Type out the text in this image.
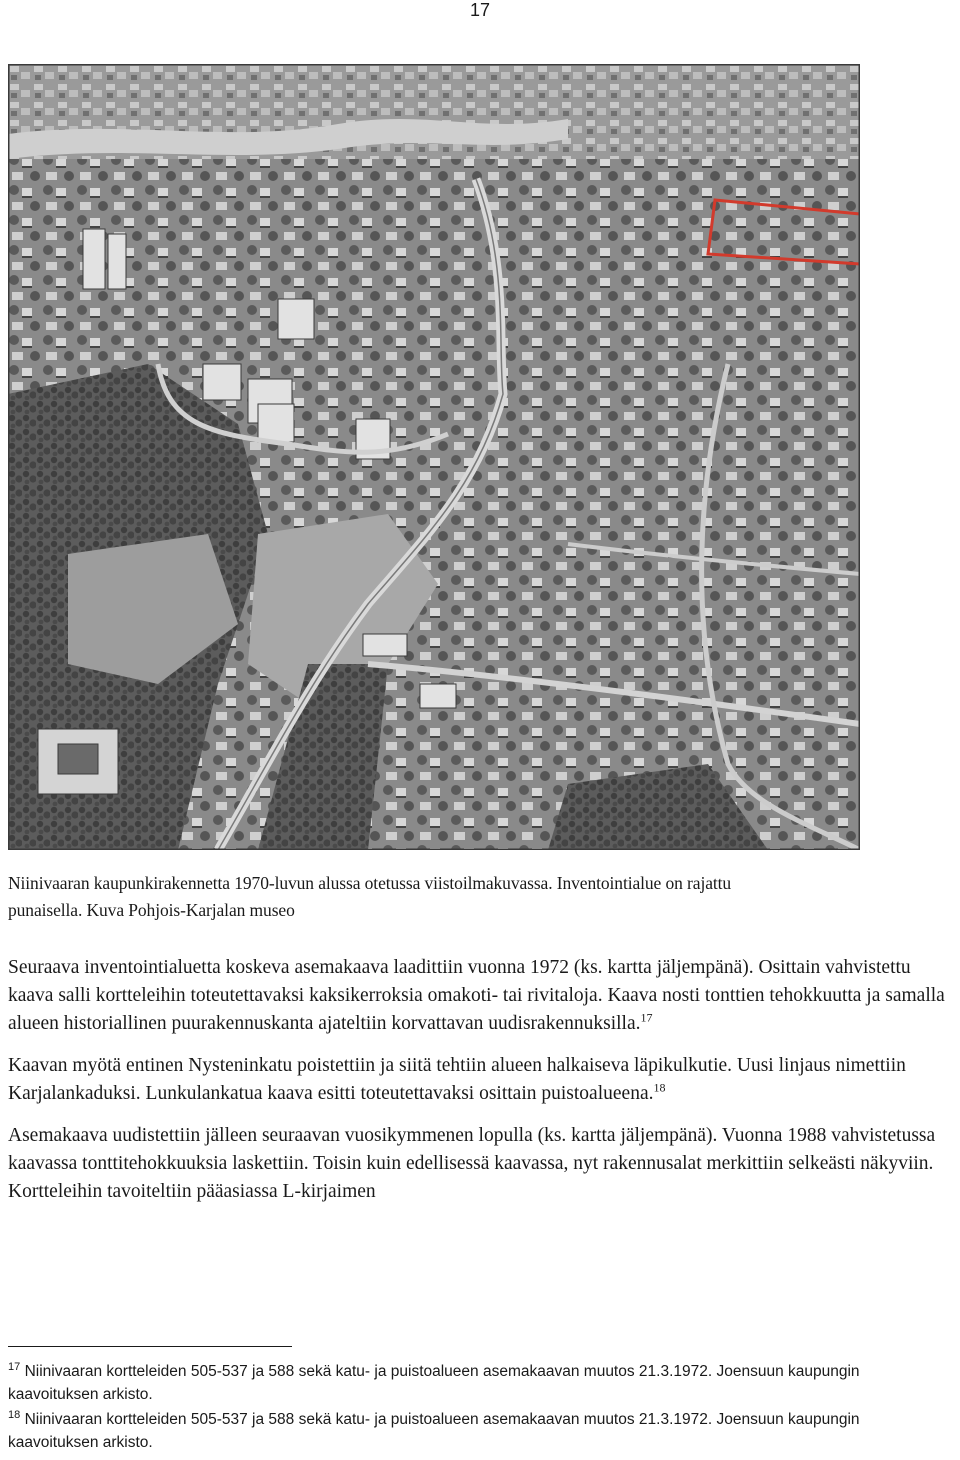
17
Niinivaaran kaupunkirakennetta 1970-luvun alussa otetussa viistoilmakuvassa. Inventointialue on rajattu
punaisella. Kuva Pohjois-Karjalan museo

Seuraava inventointialuetta koskeva asemakaava laadittiin vuonna 1972 (ks. kartta jäljempänä). Osittain vahvistettu kaava salli kortteleihin toteutettavaksi kaksikerroksia omakoti- tai rivitaloja. Kaava nosti tonttien tehokkuutta ja samalla alueen historiallinen puurakennuskanta ajateltiin korvattavan uudisrakennuksilla.$^{17}$

Kaavan myötä entinen Nysteninkatu poistettiin ja siitä tehtiin alueen halkaiseva läpikulkutie. Uusi linjaus nimettiin Karjalankaduksi. Lunkulankatua kaava esitti toteutettavaksi osittain puistoalueena.$^{18}$

Asemakaava uudistettiin jälleen seuraavan vuosikymmenen lopulla (ks. kartta jäljempänä). Vuonna 1988 vahvistetussa kaavassa tonttitehokkuuksia laskettiin. Toisin kuin edellisessä kaavassa, nyt rakennusalat merkittiin selkeästi näkyviin. Kortteleihin tavoiteltiin pääasiassa L-kirjaimen

$^{17}$ Niinivaaran kortteleiden 505-537 ja 588 sekä katu- ja puistoalueen asemakaavan muutos 21.3.1972. Joensuun kaupungin kaavoituksen arkisto.
$^{18}$ Niinivaaran kortteleiden 505-537 ja 588 sekä katu- ja puistoalueen asemakaavan muutos 21.3.1972. Joensuun kaupungin kaavoituksen arkisto.
